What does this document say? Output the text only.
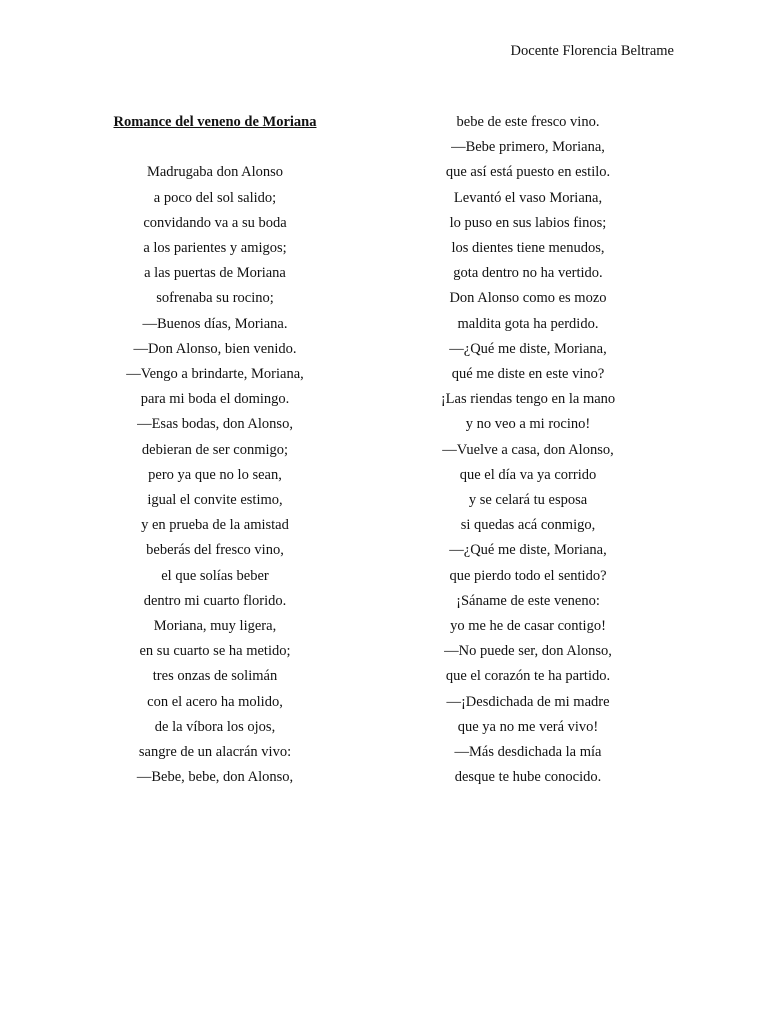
Docente Florencia Beltrame
Romance del veneno de Moriana
Madrugaba don Alonso
a poco del sol salido;
convidando va a su boda
a los parientes y amigos;
a las puertas de Moriana
sofrenaba su rocino;
—Buenos días, Moriana.
—Don Alonso, bien venido.
—Vengo a brindarte, Moriana,
para mi boda el domingo.
—Esas bodas, don Alonso,
debieran de ser conmigo;
pero ya que no lo sean,
igual el convite estimo,
y en prueba de la amistad
beberás del fresco vino,
el que solías beber
dentro mi cuarto florido.
Moriana, muy ligera,
en su cuarto se ha metido;
tres onzas de solimán
con el acero ha molido,
de la víbora los ojos,
sangre de un alacrán vivo:
—Bebe, bebe, don Alonso,
bebe de este fresco vino.
—Bebe primero, Moriana,
que así está puesto en estilo.
Levantó el vaso Moriana,
lo puso en sus labios finos;
los dientes tiene menudos,
gota dentro no ha vertido.
Don Alonso como es mozo
maldita gota ha perdido.
—¿Qué me diste, Moriana,
qué me diste en este vino?
¡Las riendas tengo en la mano
y no veo a mi rocino!
—Vuelve a casa, don Alonso,
que el día va ya corrido
y se celará tu esposa
si quedas acá conmigo,
—¿Qué me diste, Moriana,
que pierdo todo el sentido?
¡Sáname de este veneno:
yo me he de casar contigo!
—No puede ser, don Alonso,
que el corazón te ha partido.
—¡Desdichada de mi madre
que ya no me verá vivo!
—Más desdichada la mía
desque te hube conocido.
